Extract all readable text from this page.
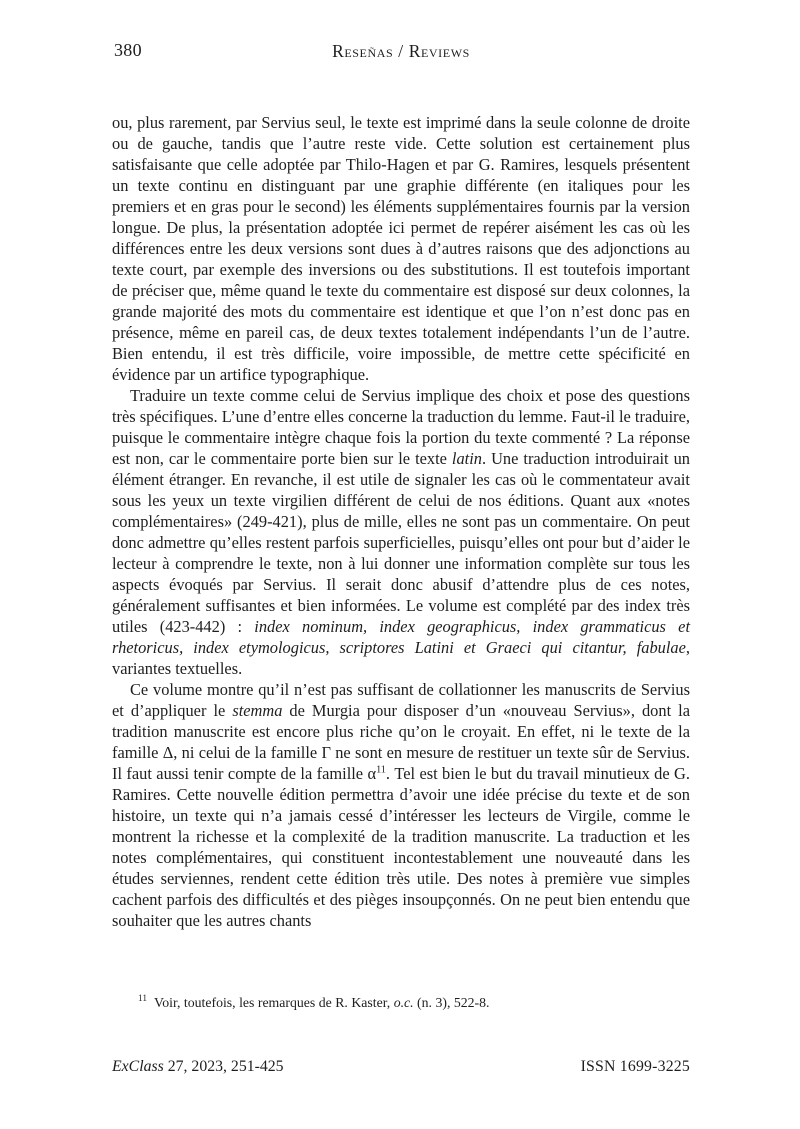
380	Reseñas / Reviews

ou, plus rarement, par Servius seul, le texte est imprimé dans la seule colonne de droite ou de gauche, tandis que l’autre reste vide. Cette solution est certainement plus satisfaisante que celle adoptée par Thilo-Hagen et par G. Ramires, lesquels présentent un texte continu en distinguant par une graphie différente (en italiques pour les premiers et en gras pour le second) les éléments supplémentaires fournis par la version longue. De plus, la présentation adoptée ici permet de repérer aisément les cas où les différences entre les deux versions sont dues à d’autres raisons que des adjonctions au texte court, par exemple des inversions ou des substitutions. Il est toutefois important de préciser que, même quand le texte du commentaire est disposé sur deux colonnes, la grande majorité des mots du commentaire est identique et que l’on n’est donc pas en présence, même en pareil cas, de deux textes totalement indépendants l’un de l’autre. Bien entendu, il est très difficile, voire impossible, de mettre cette spécificité en évidence par un artifice typographique.

Traduire un texte comme celui de Servius implique des choix et pose des questions très spécifiques. L’une d’entre elles concerne la traduction du lemme. Faut-il le traduire, puisque le commentaire intègre chaque fois la portion du texte commenté ? La réponse est non, car le commentaire porte bien sur le texte latin. Une traduction introduirait un élément étranger. En revanche, il est utile de signaler les cas où le commentateur avait sous les yeux un texte virgilien différent de celui de nos éditions. Quant aux «notes complémentaires» (249-421), plus de mille, elles ne sont pas un commentaire. On peut donc admettre qu’elles restent parfois superficielles, puisqu’elles ont pour but d’aider le lecteur à comprendre le texte, non à lui donner une information complète sur tous les aspects évoqués par Servius. Il serait donc abusif d’attendre plus de ces notes, généralement suffisantes et bien informées. Le volume est complété par des index très utiles (423-442) : index nominum, index geographicus, index grammaticus et rhetoricus, index etymologicus, scriptores Latini et Graeci qui citantur, fabulae, variantes textuelles.

Ce volume montre qu’il n’est pas suffisant de collationner les manuscrits de Servius et d’appliquer le stemma de Murgia pour disposer d’un «nouveau Servius», dont la tradition manuscrite est encore plus riche qu’on le croyait. En effet, ni le texte de la famille Δ, ni celui de la famille Γ ne sont en mesure de restituer un texte sûr de Servius. Il faut aussi tenir compte de la famille α$^{11}$. Tel est bien le but du travail minutieux de G. Ramires. Cette nouvelle édition permettra d’avoir une idée précise du texte et de son histoire, un texte qui n’a jamais cessé d’intéresser les lecteurs de Virgile, comme le montrent la richesse et la complexité de la tradition manuscrite. La traduction et les notes complémentaires, qui constituent incontestablement une nouveauté dans les études serviennes, rendent cette édition très utile. Des notes à première vue simples cachent parfois des difficultés et des pièges insoupçonnés. On ne peut bien entendu que souhaiter que les autres chants

$^{11}$ Voir, toutefois, les remarques de R. Kaster, o.c. (n. 3), 522-8.
ExClass 27, 2023, 251-425	ISSN 1699-3225
